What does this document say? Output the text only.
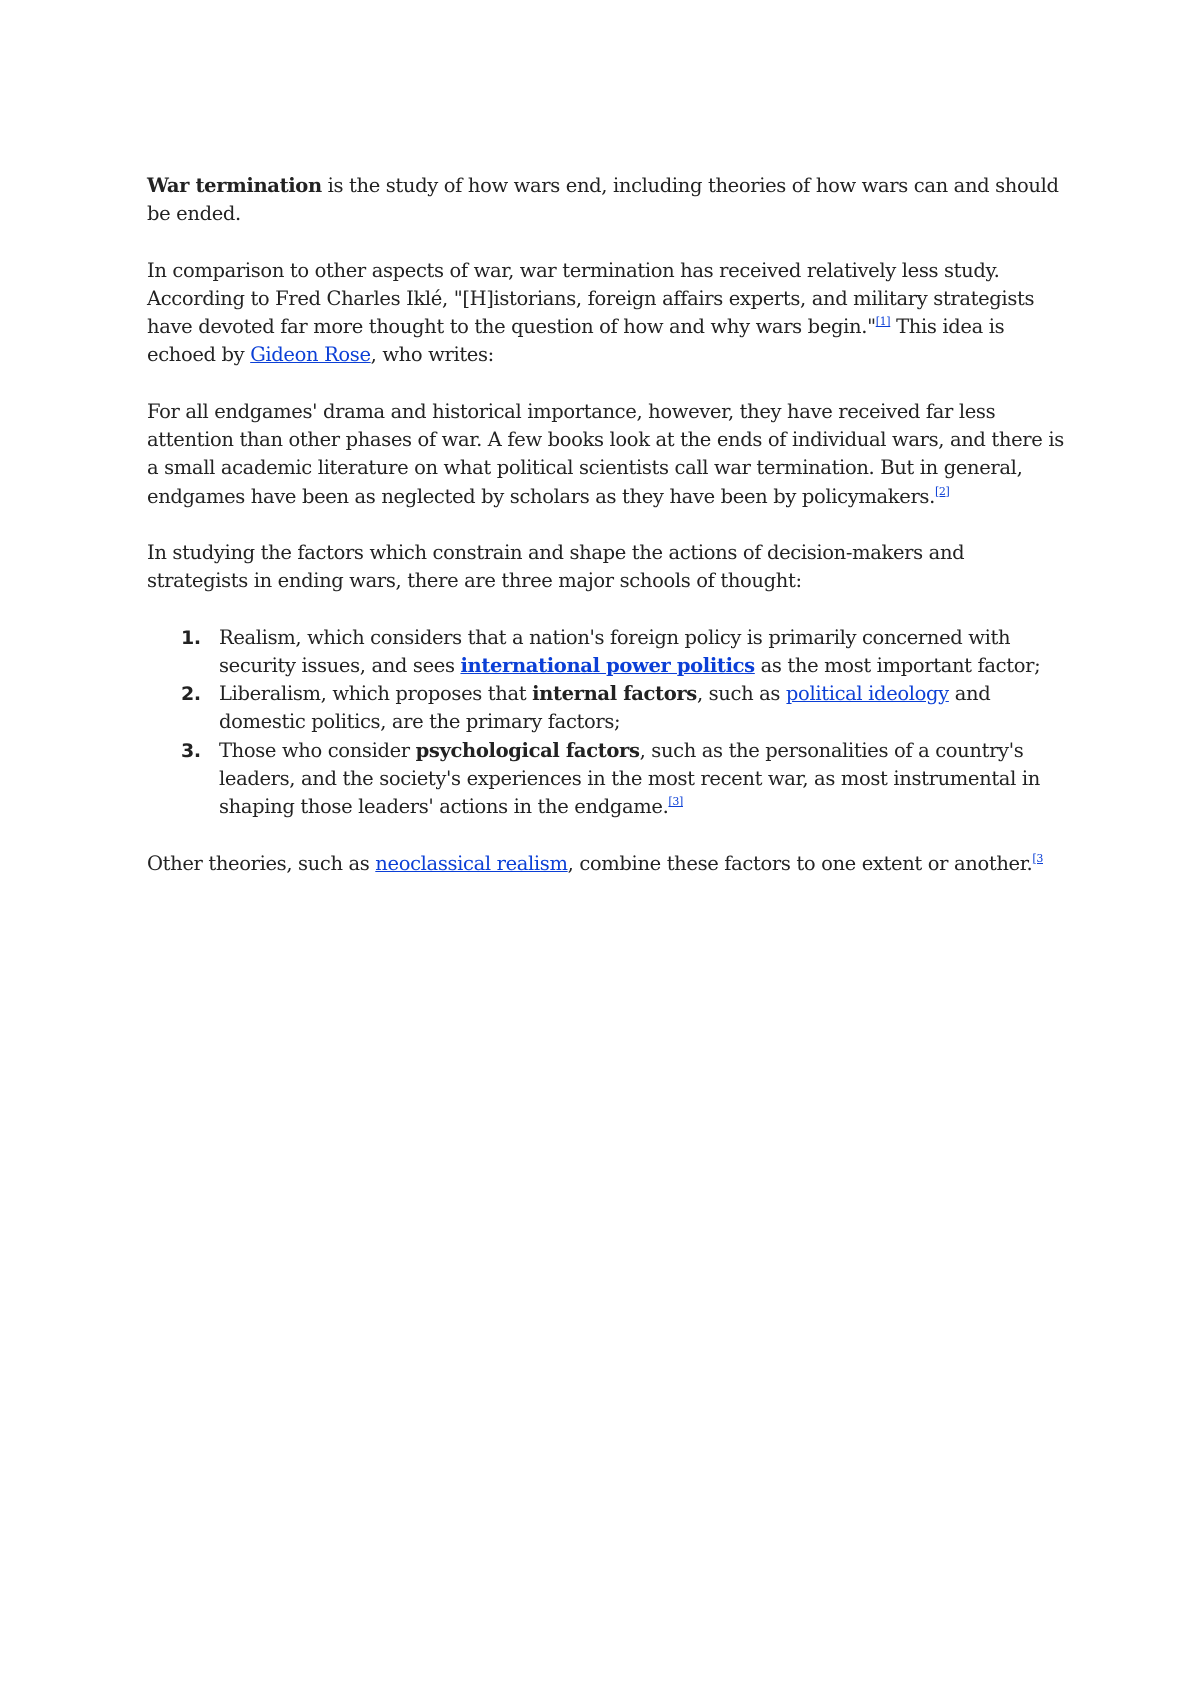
War termination is the study of how wars end, including theories of how wars can and should be ended.

In comparison to other aspects of war, war termination has received relatively less study. According to Fred Charles Iklé, "[H]istorians, foreign affairs experts, and military strategists have devoted far more thought to the question of how and why wars begin."[1] This idea is echoed by Gideon Rose, who writes:

For all endgames' drama and historical importance, however, they have received far less attention than other phases of war. A few books look at the ends of individual wars, and there is a small academic literature on what political scientists call war termination. But in general, endgames have been as neglected by scholars as they have been by policymakers.[2]

In studying the factors which constrain and shape the actions of decision-makers and strategists in ending wars, there are three major schools of thought:

1. Realism, which considers that a nation's foreign policy is primarily concerned with security issues, and sees international power politics as the most important factor;
2. Liberalism, which proposes that internal factors, such as political ideology and domestic politics, are the primary factors;
3. Those who consider psychological factors, such as the personalities of a country's leaders, and the society's experiences in the most recent war, as most instrumental in shaping those leaders' actions in the endgame.[3]

Other theories, such as neoclassical realism, combine these factors to one extent or another.$^{[3}$
